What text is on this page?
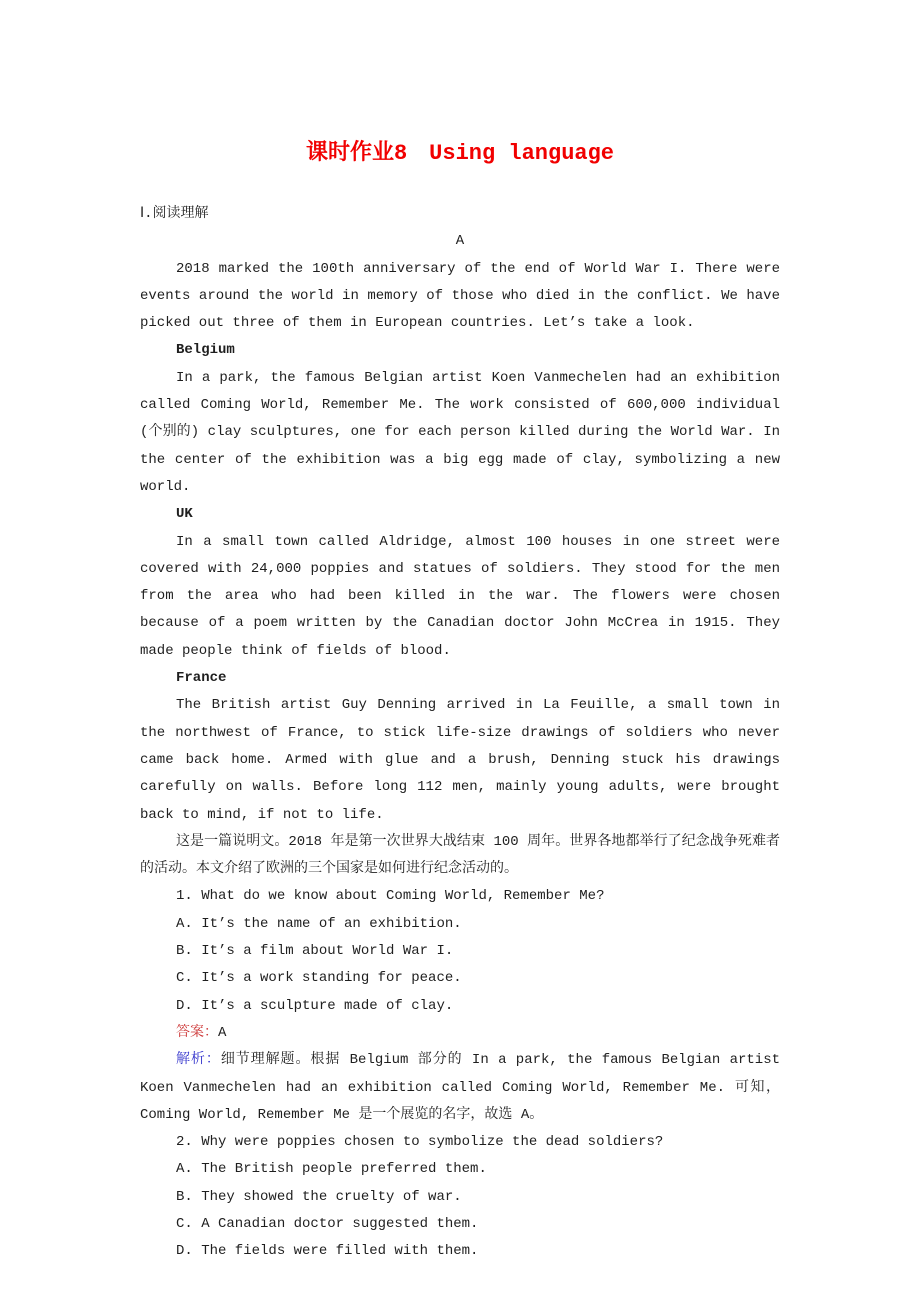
课时作业8　Using language

Ⅰ.阅读理解

A

2018 marked the 100th anniversary of the end of World War I. There were events around the world in memory of those who died in the conflict. We have picked out three of them in European countries. Let’s take a look.

Belgium

In a park, the famous Belgian artist Koen Vanmechelen had an exhibition called Coming World, Remember Me. The work consisted of 600,000 individual (个别的) clay sculptures, one for each person killed during the World War. In the center of the exhibition was a big egg made of clay, symbolizing a new world.

UK

In a small town called Aldridge, almost 100 houses in one street were covered with 24,000 poppies and statues of soldiers. They stood for the men from the area who had been killed in the war. The flowers were chosen because of a poem written by the Canadian doctor John McCrea in 1915. They made people think of fields of blood.

France

The British artist Guy Denning arrived in La Feuille, a small town in the northwest of France, to stick life-size drawings of soldiers who never came back home. Armed with glue and a brush, Denning stuck his drawings carefully on walls. Before long 112 men, mainly young adults, were brought back to mind, if not to life.

这是一篇说明文。2018 年是第一次世界大战结束 100 周年。世界各地都举行了纪念战争死难者的活动。本文介绍了欧洲的三个国家是如何进行纪念活动的。

1. What do we know about Coming World, Remember Me?

A. It’s the name of an exhibition.

B. It’s a film about World War I.

C. It’s a work standing for peace.

D. It’s a sculpture made of clay.

答案：A

解析：细节理解题。根据 Belgium 部分的 In a park, the famous Belgian artist Koen Vanmechelen had an exhibition called Coming World, Remember Me. 可知，Coming World, Remember Me 是一个展览的名字，故选 A。

2. Why were poppies chosen to symbolize the dead soldiers?

A. The British people preferred them.

B. They showed the cruelty of war.

C. A Canadian doctor suggested them.

D. The fields were filled with them.
